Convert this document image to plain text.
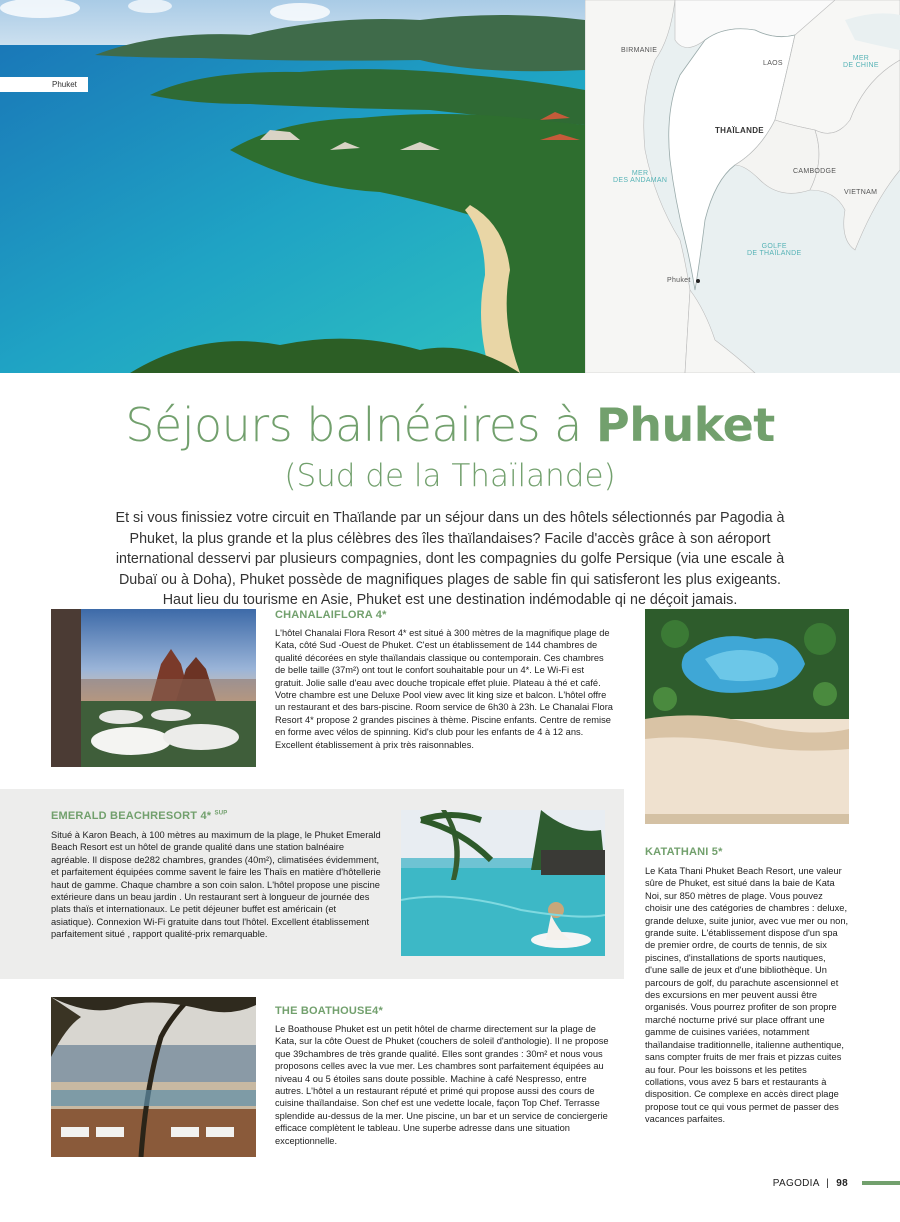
Phuket
BIRMANIE
LAOS
MER
DE CHINE
THAÏLANDE
CAMBODGE
VIETNAM
MER
DES ANDAMAN
GOLFE
DE THAÏLANDE
Phuket
Séjours balnéaires à Phuket
(Sud de la Thaïlande)
Et si vous finissiez votre circuit en Thaïlande par un séjour dans un des hôtels sélectionnés par Pagodia à Phuket, la plus grande et la plus célèbres des îles thaïlandaises? Facile d'accès grâce à son aéroport international desservi par plusieurs compagnies, dont les compagnies du golfe Persique (via une escale à Dubaï ou à Doha), Phuket possède de magnifiques plages de sable fin qui satisferont les plus exigeants. Haut lieu du tourisme en Asie, Phuket est une destination indémodable qi ne déçoit jamais.
CHANALAIFLORA 4*
L'hôtel Chanalai Flora Resort 4* est situé à 300 mètres de la magnifique plage de Kata, côté Sud -Ouest de Phuket. C'est un établissement de 144 chambres de qualité décorées en style thaïlandais classique ou contemporain. Ces chambres de belle taille (37m²) ont tout le confort souhaitable pour un 4*. Le Wi-Fi est gratuit. Jolie salle d'eau avec douche tropicale effet pluie. Plateau à thé et café. Votre chambre est une Deluxe Pool view avec lit king size et balcon. L'hôtel offre un restaurant et des bars-piscine. Room service de 6h30 à 23h. Le Chanalai Flora Resort 4* propose 2 grandes piscines à thème. Piscine enfants. Centre de remise en forme avec vélos de spinning. Kid's club pour les enfants de 4 à 12 ans. Excellent établissement à prix très raisonnables.
EMERALD BEACHRESORT 4* $^{SUP}$
Situé à Karon Beach, à 100 mètres au maximum de la plage, le Phuket Emerald Beach Resort est un hôtel de grande qualité dans une station balnéaire agréable. Il dispose de282 chambres, grandes (40m²), climatisées évidemment, et parfaitement équipées comme savent le faire les Thaïs en matière d'hôtellerie haut de gamme. Chaque chambre a son coin salon. L'hôtel propose une piscine extérieure dans un beau jardin . Un restaurant sert à longueur de journée des plats thaïs et internationaux. Le petit déjeuner buffet est américain (et asiatique). Connexion Wi-Fi gratuite dans tout l'hôtel. Excellent établissement parfaitement situé , rapport qualité-prix remarquable.
THE BOATHOUSE4*
Le Boathouse Phuket est un petit hôtel de charme directement sur la plage de Kata, sur la côte Ouest de Phuket (couchers de soleil d'anthologie). Il ne propose que 39chambres de très grande qualité. Elles sont grandes : 30m² et nous vous proposons celles avec la vue mer. Les chambres sont parfaitement équipées au niveau 4 ou 5 étoiles sans doute possible. Machine à café Nespresso, entre autres. L'hôtel a un restaurant réputé et primé qui propose aussi des cours de cuisine thaïlandaise. Son chef est une vedette locale, façon Top Chef. Terrasse splendide au-dessus de la mer. Une piscine, un bar et un service de conciergerie efficace complètent le tableau. Une superbe adresse dans une situation exceptionnelle.
KATATHANI 5*
Le Kata Thani Phuket Beach Resort, une valeur sûre de Phuket, est situé dans la baie de Kata Noi, sur 850 mètres de plage. Vous pouvez choisir une des catégories de chambres : deluxe, grande deluxe, suite junior, avec vue mer ou non, grande suite. L'établissement dispose d'un spa de premier ordre, de courts de tennis, de six piscines, d'installations de sports nautiques, d'une salle de jeux et d'une bibliothèque. Un parcours de golf, du parachute ascensionnel et des excursions en mer peuvent aussi être organisés. Vous pourrez profiter de son propre marché nocturne privé sur place offrant une gamme de cuisines variées, notamment thaïlandaise traditionnelle, italienne authentique, sans compter fruits de mer frais et pizzas cuites au four. Pour les boissons et les petites collations, vous avez 5 bars et restaurants à disposition. Ce complexe en accès direct plage propose tout ce qui vous permet de passer des vacances parfaites.
PAGODIA | 98
